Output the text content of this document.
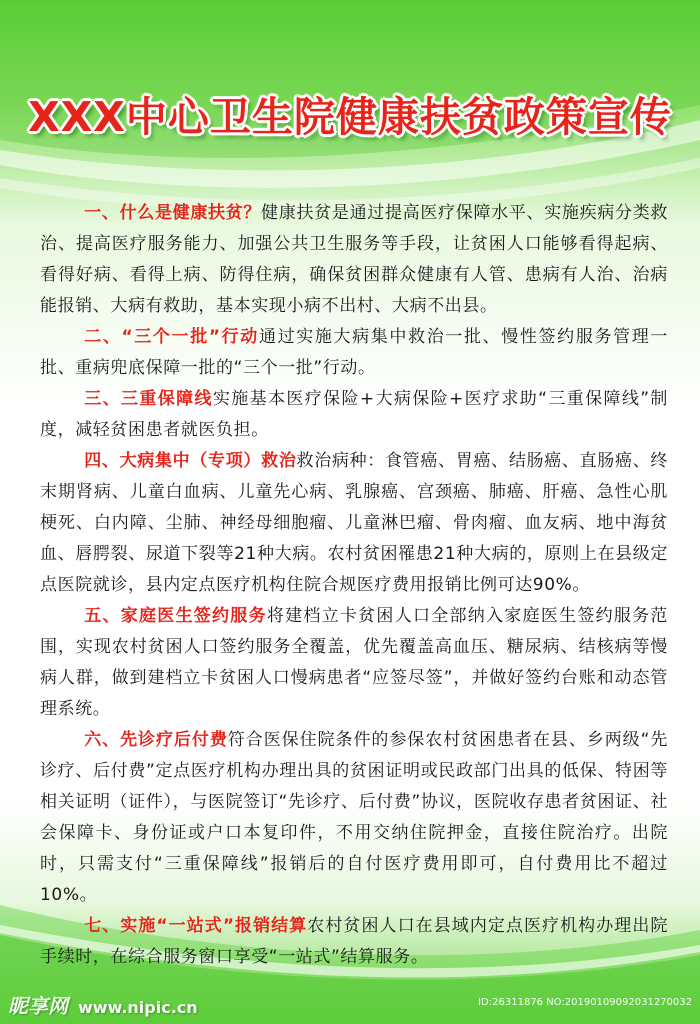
XXX中心卫生院健康扶贫政策宣传

一、什么是健康扶贫？健康扶贫是通过提高医疗保障水平、实施疾病分类救治、提高医疗服务能力、加强公共卫生服务等手段，让贫困人口能够看得起病、看得好病、看得上病、防得住病，确保贫困群众健康有人管、患病有人治、治病能报销、大病有救助，基本实现小病不出村、大病不出县。

二、“三个一批”行动通过实施大病集中救治一批、慢性签约服务管理一批、重病兜底保障一批的“三个一批”行动。

三、三重保障线实施基本医疗保险+大病保险+医疗求助“三重保障线”制度，减轻贫困患者就医负担。

四、大病集中（专项）救治救治病种：食管癌、胃癌、结肠癌、直肠癌、终末期肾病、儿童白血病、儿童先心病、乳腺癌、宫颈癌、肺癌、肝癌、急性心肌梗死、白内障、尘肺、神经母细胞瘤、儿童淋巴瘤、骨肉瘤、血友病、地中海贫血、唇腭裂、尿道下裂等21种大病。农村贫困罹患21种大病的，原则上在县级定点医院就诊，县内定点医疗机构住院合规医疗费用报销比例可达90%。

五、家庭医生签约服务将建档立卡贫困人口全部纳入家庭医生签约服务范围，实现农村贫困人口签约服务全覆盖，优先覆盖高血压、糖尿病、结核病等慢病人群，做到建档立卡贫困人口慢病患者“应签尽签”，并做好签约台账和动态管理系统。

六、先诊疗后付费符合医保住院条件的参保农村贫困患者在县、乡两级“先诊疗、后付费”定点医疗机构办理出具的贫困证明或民政部门出具的低保、特困等相关证明（证件），与医院签订“先诊疗、后付费”协议，医院收存患者贫困证、社会保障卡、身份证或户口本复印件，不用交纳住院押金，直接住院治疗。出院时，只需支付“三重保障线”报销后的自付医疗费用即可，自付费用比不超过10%。

七、实施“一站式”报销结算农村贫困人口在县域内定点医疗机构办理出院手续时，在综合服务窗口享受“一站式”结算服务。

昵享网 www.nipic.cn	ID:26311876 NO:20190109092031270032
